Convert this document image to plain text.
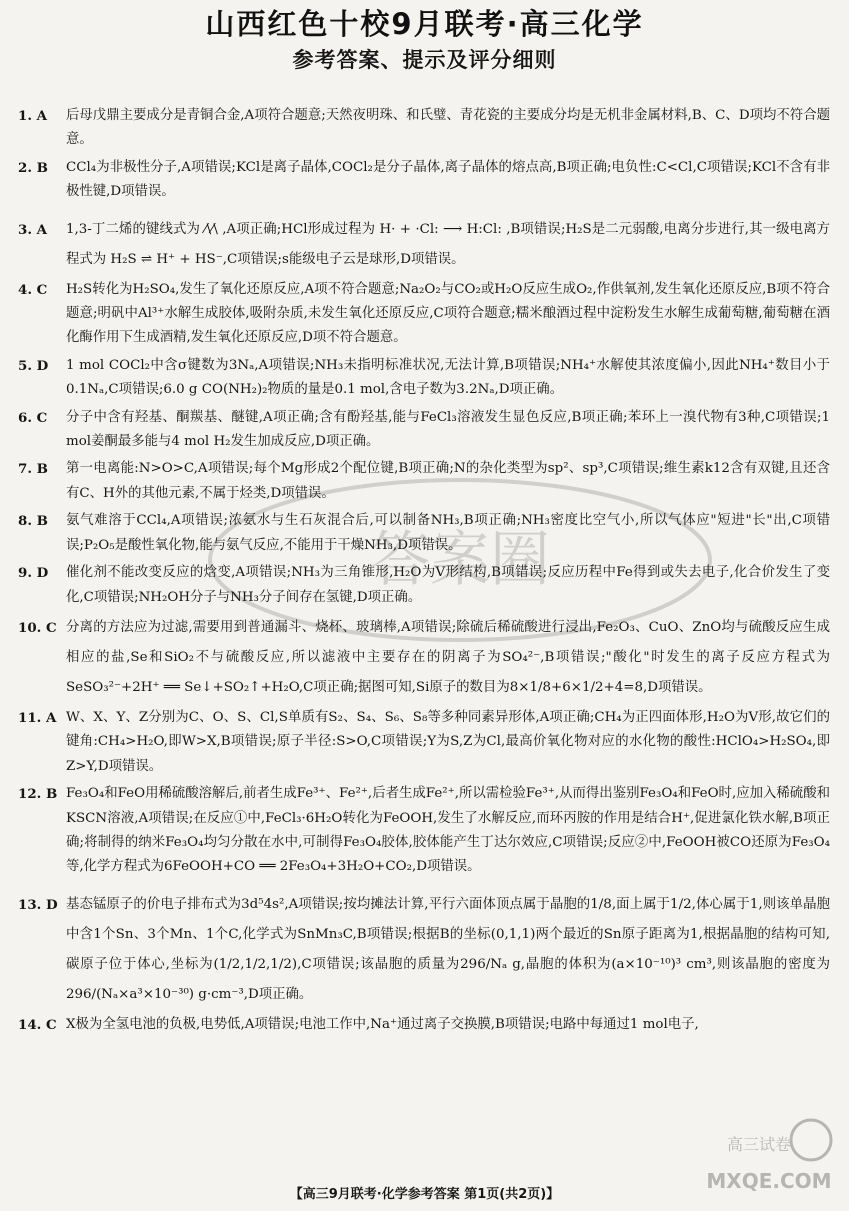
山西红色十校9月联考·高三化学
参考答案、提示及评分细则
1. A	后母戊鼎主要成分是青铜合金,A项符合题意;天然夜明珠、和氏璧、青花瓷的主要成分均是无机非金属材料,B、C、D项均不符合题意。
2. B	CCl₄为非极性分子,A项错误;KCl是离子晶体,COCl₂是分子晶体,离子晶体的熔点高,B项正确;电负性:C<Cl,C项错误;KCl不含有非极性键,D项错误。
3. A	1,3-丁二烯的键线式为 ⁄\⁄\ ,A项正确;HCl形成过程为 H· + ·Cl: ⟶ H:Cl: ,B项错误;H₂S是二元弱酸,电离分步进行,其一级电离方程式为 H₂S ⇌ H⁺ + HS⁻,C项错误;s能级电子云是球形,D项错误。
4. C	H₂S转化为H₂SO₄,发生了氧化还原反应,A项不符合题意;Na₂O₂与CO₂或H₂O反应生成O₂,作供氧剂,发生氧化还原反应,B项不符合题意;明矾中Al³⁺水解生成胶体,吸附杂质,未发生氧化还原反应,C项符合题意;糯米酿酒过程中淀粉发生水解生成葡萄糖,葡萄糖在酒化酶作用下生成酒精,发生氧化还原反应,D项不符合题意。
5. D	1 mol COCl₂中含σ键数为3Nₐ,A项错误;NH₃未指明标准状况,无法计算,B项错误;NH₄⁺水解使其浓度偏小,因此NH₄⁺数目小于0.1Nₐ,C项错误;6.0 g CO(NH₂)₂物质的量是0.1 mol,含电子数为3.2Nₐ,D项正确。
6. C	分子中含有羟基、酮羰基、醚键,A项正确;含有酚羟基,能与FeCl₃溶液发生显色反应,B项正确;苯环上一溴代物有3种,C项错误;1 mol姜酮最多能与4 mol H₂发生加成反应,D项正确。
7. B	第一电离能:N>O>C,A项错误;每个Mg形成2个配位键,B项正确;N的杂化类型为sp²、sp³,C项错误;维生素k12含有双键,且还含有C、H外的其他元素,不属于烃类,D项错误。
8. B	氨气难溶于CCl₄,A项错误;浓氨水与生石灰混合后,可以制备NH₃,B项正确;NH₃密度比空气小,所以气体应"短进"长"出,C项错误;P₂O₅是酸性氧化物,能与氨气反应,不能用于干燥NH₃,D项错误。
9. D	催化剂不能改变反应的焓变,A项错误;NH₃为三角锥形,H₂O为V形结构,B项错误;反应历程中Fe得到或失去电子,化合价发生了变化,C项错误;NH₂OH分子与NH₃分子间存在氢键,D项正确。
10. C 分离的方法应为过滤,需要用到普通漏斗、烧杯、玻璃棒,A项错误;除硫后稀硫酸进行浸出,Fe₂O₃、CuO、ZnO均与硫酸反应生成相应的盐,Se和SiO₂不与硫酸反应,所以滤液中主要存在的阴离子为SO₄²⁻,B项错误;"酸化"时发生的离子反应方程式为SeSO₃²⁻+2H⁺ ══ Se↓+SO₂↑+H₂O,C项正确;据图可知,Si原子的数目为8×1/8+6×1/2+4=8,D项错误。
11. A W、X、Y、Z分别为C、O、S、Cl,S单质有S₂、S₄、S₆、S₈等多种同素异形体,A项正确;CH₄为正四面体形,H₂O为V形,故它们的键角:CH₄>H₂O,即W>X,B项错误;原子半径:S>O,C项错误;Y为S,Z为Cl,最高价氧化物对应的水化物的酸性:HClO₄>H₂SO₄,即Z>Y,D项错误。
12. B Fe₃O₄和FeO用稀硫酸溶解后,前者生成Fe³⁺、Fe²⁺,后者生成Fe²⁺,所以需检验Fe³⁺,从而得出鉴别Fe₃O₄和FeO时,应加入稀硫酸和KSCN溶液,A项错误;在反应①中,FeCl₃·6H₂O转化为FeOOH,发生了水解反应,而环丙胺的作用是结合H⁺,促进氯化铁水解,B项正确;将制得的纳米Fe₃O₄均匀分散在水中,可制得Fe₃O₄胶体,胶体能产生丁达尔效应,C项错误;反应②中,FeOOH被CO还原为Fe₃O₄等,化学方程式为6FeOOH+CO ══ 2Fe₃O₄+3H₂O+CO₂,D项错误。
13. D 基态锰原子的价电子排布式为3d⁵4s²,A项错误;按均摊法计算,平行六面体顶点属于晶胞的1/8,面上属于1/2,体心属于1,则该单晶胞中含1个Sn、3个Mn、1个C,化学式为SnMn₃C,B项错误;根据B的坐标(0,1,1)两个最近的Sn原子距离为1,根据晶胞的结构可知,碳原子位于体心,坐标为(1/2,1/2,1/2),C项错误;该晶胞的质量为296/Nₐ g,晶胞的体积为(a×10⁻¹⁰)³ cm³,则该晶胞的密度为 296/(Nₐ×a³×10⁻³⁰) g·cm⁻³,D项正确。
14. C X极为全氢电池的负极,电势低,A项错误;电池工作中,Na⁺通过离子交换膜,B项错误;电路中每通过1 mol电子,
答案圈
高三试卷
MXQE.COM
【高三9月联考·化学参考答案 第1页(共2页)】
